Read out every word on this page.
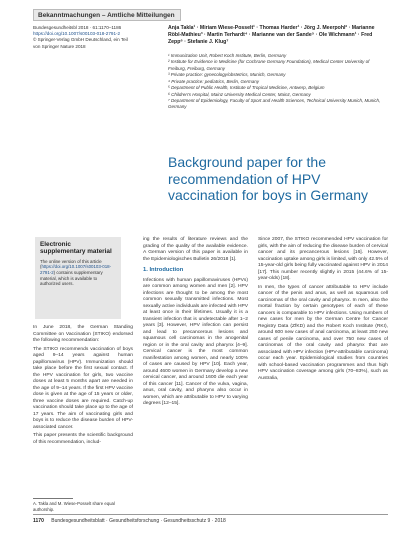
Bekanntmachungen – Amtliche Mitteilungen
Bundesgesundheitsbl 2018 · 61:1170–1186
https://doi.org/10.1007/s00103-018-2791-2
© Springer-Verlag GmbH Deutschland, ein Teil
von Springer Nature 2018
Anja Takla¹ · Miriam Wiese-Posselt¹ · Thomas Harder¹ · Jörg J. Meerpohl² · Marianne Röbl-Mathieu³ · Martin Terhardt⁴ · Marianne van der Sande⁵ · Ole Wichmann¹ · Fred Zepp⁶ · Stefanie J. Klug⁷
¹ Immunization Unit, Robert Koch Institute, Berlin, Germany
² Institute for Evidence in Medicine (for Cochrane Germany Foundation), Medical Center University of Freiburg, Freiburg, Germany
³ Private practice: gynecology/obstetrics, Munich, Germany
⁴ Private practice: pediatrics, Berlin, Germany
⁵ Department of Public Health, Institute of Tropical Medicine, Antwerp, Belgium
⁶ Children's Hospital, Mainz University Medical Center, Mainz, Germany
⁷ Department of Epidemiology, Faculty of Sport and Health Sciences, Technical University Munich, Munich, Germany
Background paper for the recommendation of HPV vaccination for boys in Germany
Electronic supplementary material

The online version of this article (https://doi.org/10.1007/s00103-018-2791-2) contains supplementary material, which is available to authorized users.

In June 2018, the German Standing Committee on Vaccination (STIKO) endorsed the following recommendation:

The STIKO recommends vaccination of boys aged 9–14 years against human papillomavirus (HPV). Immunization should take place before the first sexual contact. If the HPV vaccination for girls, two vaccine doses at least 5 months apart are needed in the age of 9–14 years. If the first HPV vaccine dose is given at the age of 15 years or older, three vaccine doses are required. Catch-up vaccination should take place up to the age of 17 years. The aim of vaccinating girls and boys is to reduce the disease burden of HPV-associated cancer.

This paper presents the scientific background of this recommendation, includ-

A. Takla and M. Wiese-Posselt share equal authorship.

ing the results of literature reviews and the grading of the quality of the available evidence. A German version of this paper is available in the Epidemiologisches Bulletin 26/2018 [1].

1. Introduction

Infections with human papillomaviruses (HPVs) are common among women and men [2]. HPV infections are thought to be among the most common sexually transmitted infections. Most sexually active individuals are infected with HPV at least once in their lifetimes. Usually it is a transient infection that is undetectable after 1–2 years [3]. However, HPV infection can persist and lead to precancerous lesions and squamous cell carcinomas in the anogenital region or in the oral cavity and pharynx [4–9]. Cervical cancer is the most common manifestation among women, and nearly 100% of cases are caused by HPV [10]. Each year, around 4600 women in Germany develop a new cervical cancer, and around 1600 die each year of this cancer [11]. Cancer of the vulva, vagina, anus, oral cavity, and pharynx also occur in women, which are attributable to HPV to varying degrees [12–15].

Since 2007, the STIKO recommended HPV vaccination for girls, with the aim of reducing the disease burden of cervical cancer and its precancerous lesions [16]. However, vaccination uptake among girls is limited, with only 42.5% of 15-year-old girls being fully vaccinated against HPV in 2014 [17]. This number recently slightly in 2015 (44.6% of 15-year-olds) [18].

In men, the types of cancer attributable to HPV include cancer of the penis and anus, as well as squamous cell carcinomas of the oral cavity and pharynx. In men, also the mortal fraction by certain genotypes of each of these cancers is comparable to HPV infections. Using numbers of new cases for men by the German Centre for Cancer Registry Data (ZfKD) and the Robert Koch Institute (RKI), around 600 new cases of anal carcinoma, at least 250 new cases of penile carcinoma, and over 750 new cases of carcinomas of the oral cavity and pharynx that are associated with HPV infection (HPV-attributable carcinoma) occur each year. Epidemiological studies from countries with school-based vaccination programmes and thus high HPV vaccination coverage among girls (70–83%), such as Australia,

1170 Bundesgesundheitsblatt · Gesundheitsforschung · Gesundheitsschutz 9 · 2018
